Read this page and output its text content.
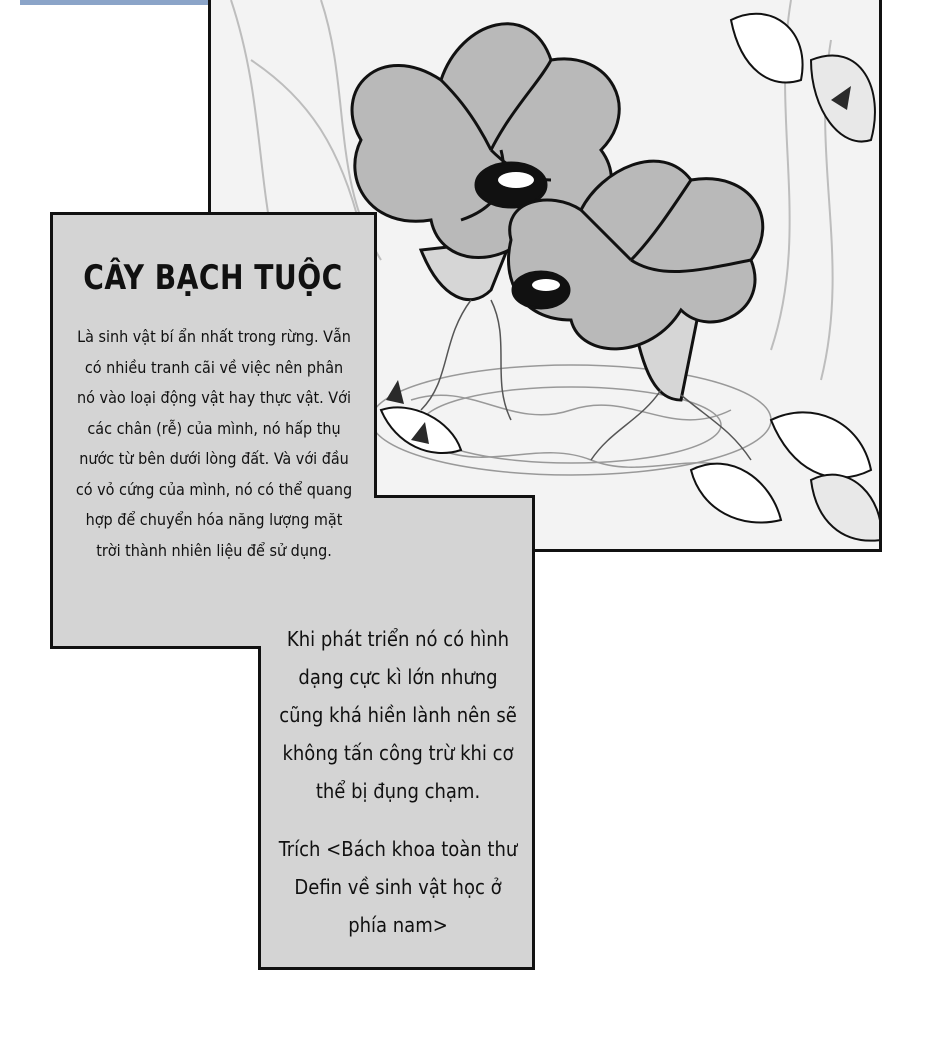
CÂY BẠCH TUỘC
Là sinh vật bí ẩn nhất trong rừng. Vẫn có nhiều tranh cãi về việc nên phân nó vào loại động vật hay thực vật. Với các chân (rễ) của mình, nó hấp thụ nước từ bên dưới lòng đất. Và với đầu có vỏ cứng của mình, nó có thể quang hợp để chuyển hóa năng lượng mặt trời thành nhiên liệu để sử dụng.
Khi phát triển nó có hình dạng cực kì lớn nhưng cũng khá hiền lành nên sẽ không tấn công trừ khi cơ thể bị đụng chạm.
Trích <Bách khoa toàn thư Defin về sinh vật học ở phía nam>
